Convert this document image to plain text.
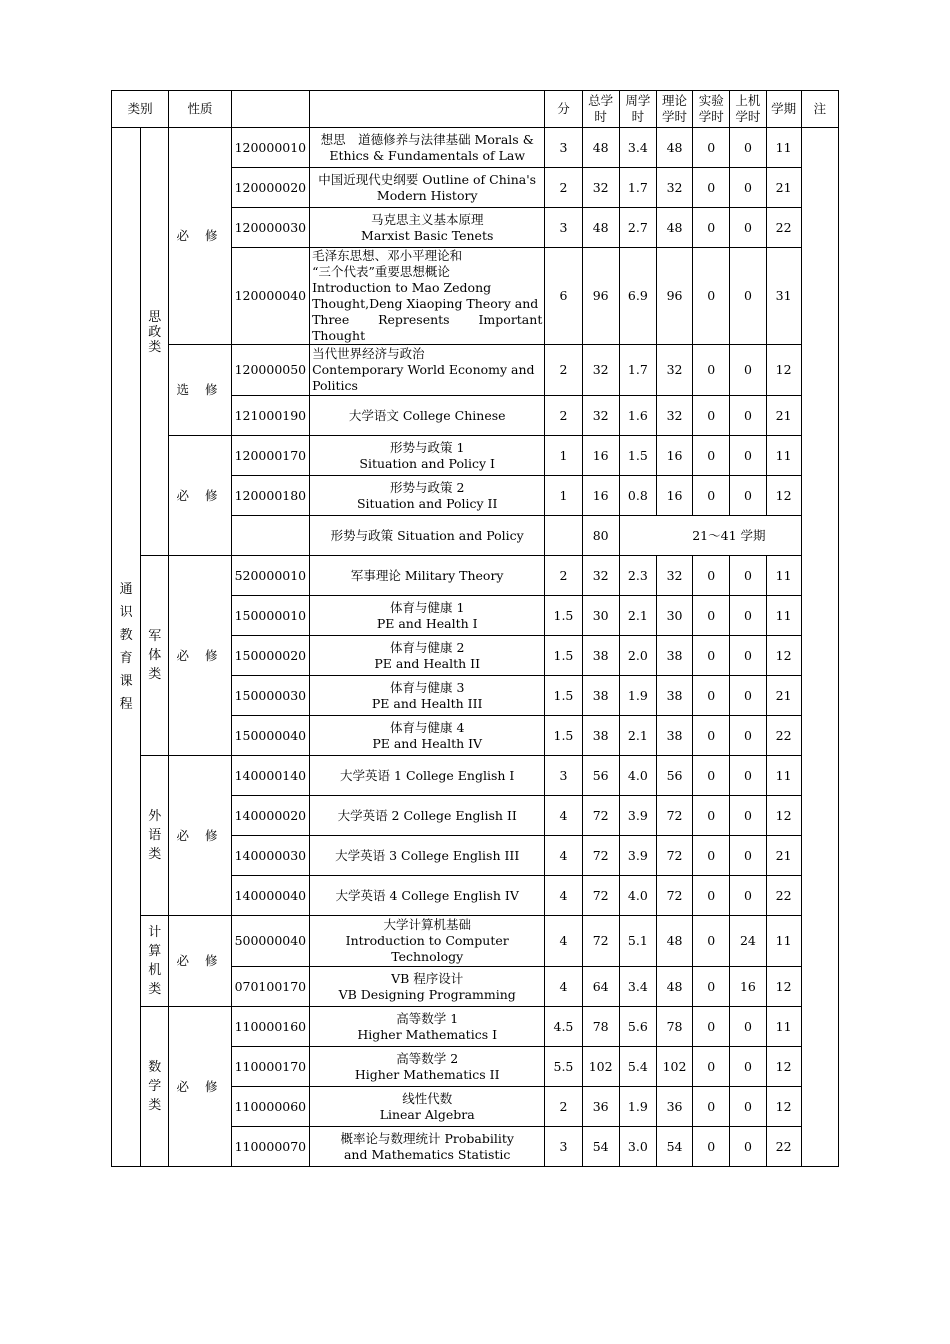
类别		性质			分	总学时	周学时	理论学时	实验学时	上机学时	学期	注
通识教育课程	思政类	必 修	120000010	想思　道德修养与法律基础 Morals &
Ethics & Fundamentals of Law	3	48	3.4	48	0	0	11	
			120000020	中国近现代史纲要 Outline of China's
Modern History	2	32	1.7	32	0	0	21	
			120000030	马克思主义基本原理
Marxist Basic Tenets	3	48	2.7	48	0	0	22	
			120000040	毛泽东思想、邓小平理论和
“三个代表”重要思想概论
Introduction to Mao Zedong
Thought,Deng Xiaoping Theory and
Three Represents Important Thought	6	96	6.9	96	0	0	31	
		选 修	120000050	当代世界经济与政治
Contemporary World Economy and
Politics	2	32	1.7	32	0	0	12	
			121000190	大学语文 College Chinese	2	32	1.6	32	0	0	21	
		必 修	120000170	形势与政策 1
Situation and Policy I	1	16	1.5	16	0	0	11	
			120000180	形势与政策 2
Situation and Policy II	1	16	0.8	16	0	0	12	

				形势与政策 Situation and Policy		80	21～41 学期					
	军体类	必 修	520000010	军事理论 Military Theory	2	32	2.3	32	0	0	11	
			150000010	体育与健康 1
PE and Health I	1.5	30	2.1	30	0	0	11	
			150000020	体育与健康 2
PE and Health II	1.5	38	2.0	38	0	0	12	
			150000030	体育与健康 3
PE and Health III	1.5	38	1.9	38	0	0	21	
			150000040	体育与健康 4
PE and Health IV	1.5	38	2.1	38	0	0	22	
	外语类	必 修	140000140	大学英语 1 College English I	3	56	4.0	56	0	0	11	
			140000020	大学英语 2 College English II	4	72	3.9	72	0	0	12	
			140000030	大学英语 3 College English III	4	72	3.9	72	0	0	21	
			140000040	大学英语 4 College English IV	4	72	4.0	72	0	0	22	
	计算机类	必 修	500000040	大学计算机基础
Introduction to Computer
Technology	4	72	5.1	48	0	24	11	
			070100170	VB 程序设计
VB Designing Programming	4	64	3.4	48	0	16	12	
	数学类	必 修	110000160	高等数学 1
Higher Mathematics I	4.5	78	5.6	78	0	0	11	
			110000170	高等数学 2
Higher Mathematics II	5.5	102	5.4	102	0	0	12	
			110000060	线性代数
Linear Algebra	2	36	1.9	36	0	0	12	
			110000070	概率论与数理统计 Probability
and Mathematics Statistic	3	54	3.0	54	0	0	22	
